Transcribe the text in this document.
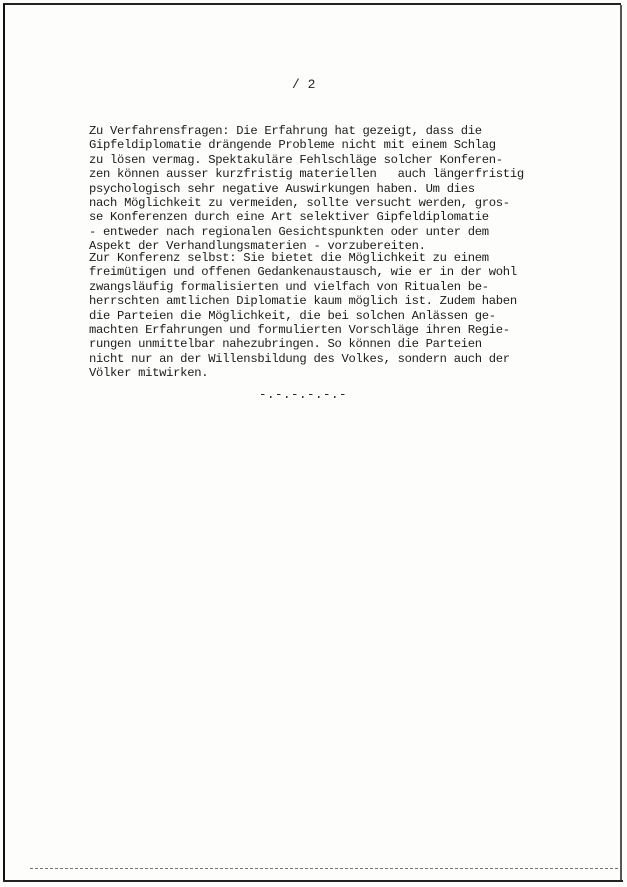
/ 2

Zu Verfahrensfragen: Die Erfahrung hat gezeigt, dass die
Gipfeldiplomatie drängende Probleme nicht mit einem Schlag
zu lösen vermag. Spektakuläre Fehlschläge solcher Konferen-
zen können ausser kurzfristig materiellen   auch längerfristig
psychologisch sehr negative Auswirkungen haben. Um dies
nach Möglichkeit zu vermeiden, sollte versucht werden, gros-
se Konferenzen durch eine Art selektiver Gipfeldiplomatie
- entweder nach regionalen Gesichtspunkten oder unter dem
Aspekt der Verhandlungsmaterien - vorzubereiten.

Zur Konferenz selbst: Sie bietet die Möglichkeit zu einem
freimütigen und offenen Gedankenaustausch, wie er in der wohl
zwangsläufig formalisierten und vielfach von Ritualen be-
herrschten amtlichen Diplomatie kaum möglich ist. Zudem haben
die Parteien die Möglichkeit, die bei solchen Anlässen ge-
machten Erfahrungen und formulierten Vorschläge ihren Regie-
rungen unmittelbar nahezubringen. So können die Parteien
nicht nur an der Willensbildung des Volkes, sondern auch der
Völker mitwirken.

-.-.-.-.-.-
